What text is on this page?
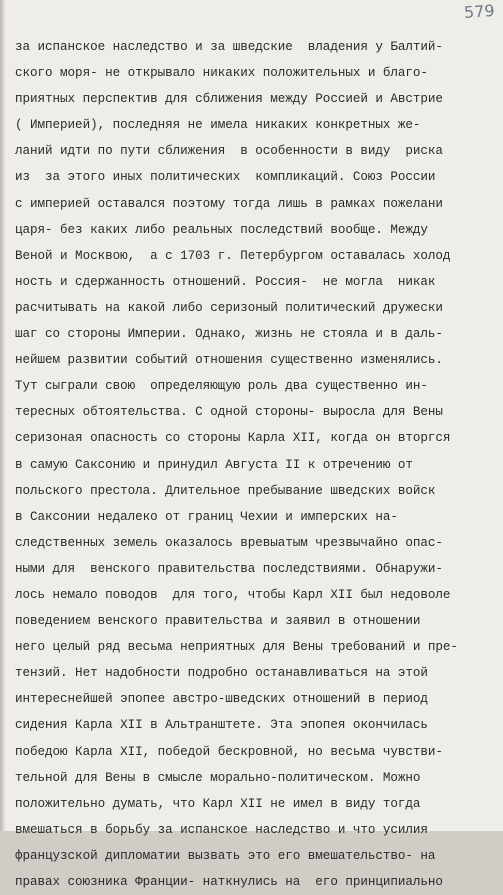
579
за испанское наследство и за шведские  владения у Балтий-
ского моря- не открывало никаких положительных и благо-
приятных перспектив для сближения между Россией и Австрие
( Империей), последняя не имела никаких конкретных же-
ланий идти по пути сближения  в особенности в виду  риска
из  за этого иных политических  компликаций. Союз России
с империей оставался поэтому тогда лишь в рамках пожелани
царя- без каких либо реальных последствий вообще. Между
Веной и Москвою,  а с 1703 г. Петербургом оставалась холод
ность и сдержанность отношений. Россия-  не могла  никак
расчитывать на какой либо серизоный политический дружески
шаг со стороны Империи. Однако, жизнь не стояла и в даль-
нейшем развитии событий отношения существенно изменялись.
Тут сыграли свою  определяющую роль два существенно ин-
тересных обтоятельства. С одной стороны- выросла для Вены
серизоная опасность со стороны Карла XII, когда он вторгся
в самую Саксонию и принудил Августа II к отречению от
польского престола. Длительное пребывание шведских войск
в Саксонии недалеко от границ Чехии и имперских на-
следственных земель оказалось вревыатым чрезвычайно опас-
ными для  венского правительства последствиями. Обнаружи-
лось немало поводов  для того, чтобы Карл XII был недоволе
поведением венского правительства и заявил в отношении
него целый ряд весьма неприятных для Вены требований и пре-
тензий. Нет надобности подробно останавливаться на этой
интереснейшей эпопее австро-шведских отношений в период
сидения Карла XII в Альтранштете. Эта эпопея окончилась
победою Карла XII, победой бескровной, но весьма чувстви-
тельной для Вены в смысле морально-политическом. Можно
положительно думать, что Карл XII не имел в виду тогда
вмешаться в борьбу за испанское наследство и что усилия
французской дипломатии вызвать это его вмешательство- на
правах союзника Франции- наткнулись на  его принципиально
